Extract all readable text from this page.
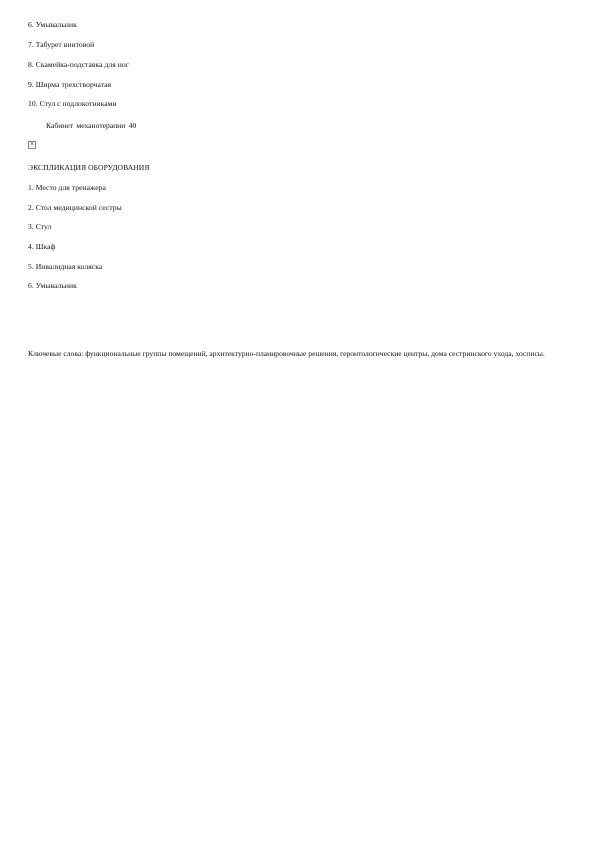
6. Умывальник
7. Табурет винтовой
8. Скамейка-подставка для ног
9. Ширма трехстворчатая
10. Стул с подлокотниками
Кабинет механотерапии 40
×
ЭКСПЛИКАЦИЯ ОБОРУДОВАНИЯ
1. Место для тренажера
2. Стол медицинской сестры
3. Стул
4. Шкаф
5. Инвалидная коляска
6. Умывальник
Ключевые слова: функциональные группы помещений, архитектурно-планировочные решения, геронтологические центры, дома сестринского ухода, хосписы.
